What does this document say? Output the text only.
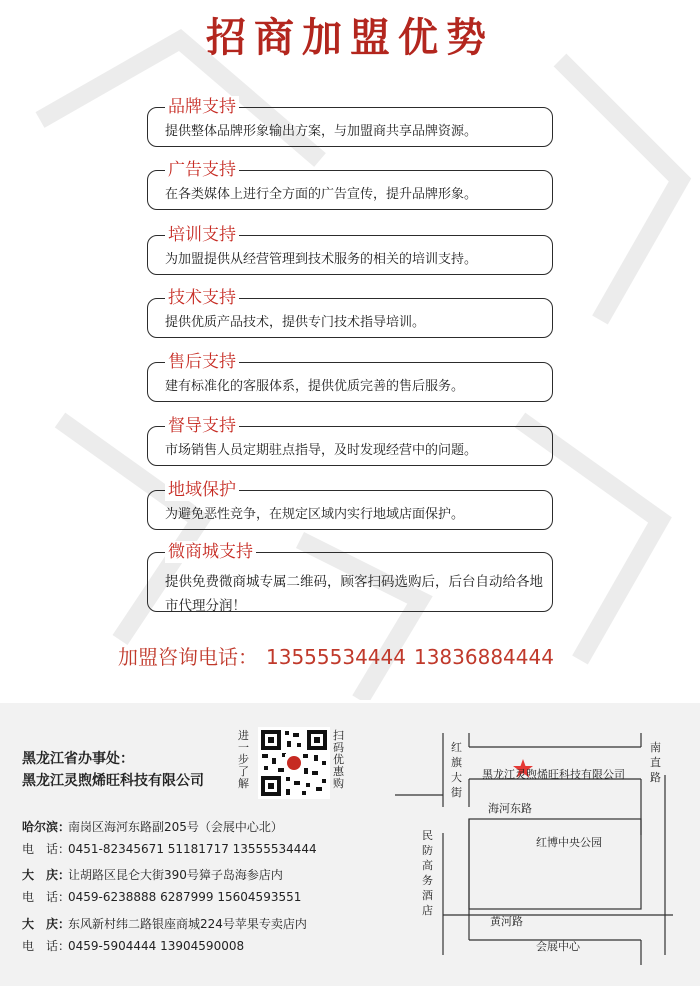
招商加盟优势
品牌支持
提供整体品牌形象输出方案，与加盟商共享品牌资源。
广告支持
在各类媒体上进行全方面的广告宣传，提升品牌形象。
培训支持
为加盟提供从经营管理到技术服务的相关的培训支持。
技术支持
提供优质产品技术，提供专门技术指导培训。
售后支持
建有标准化的客服体系，提供优质完善的售后服务。
督导支持
市场销售人员定期驻点指导，及时发现经营中的问题。
地域保护
为避免恶性竞争，在规定区域内实行地域店面保护。
微商城支持
提供免费微商城专属二维码，顾客扫码选购后，后台自动给各地市代理分润！
加盟咨询电话： 13555534444 13836884444
黑龙江省办事处：
黑龙江灵煦烯旺科技有限公司
进一步了解
扫码优惠购
哈尔滨：南岗区海河东路副205号（会展中心北）
电　话：0451-82345671 51181717 13555534444
大　庆：让胡路区昆仑大街390号獐子岛海参店内
电　话：0459-6238888 6287999 15604593551
大　庆：东风新村纬二路银座商城224号苹果专卖店内
电　话：0459-5904444 13904590008
黑龙江灵煦烯旺科技有限公司
红旗大街
南直路
海河东路
民防高务酒店
红博中央公园
黄河路
会展中心
